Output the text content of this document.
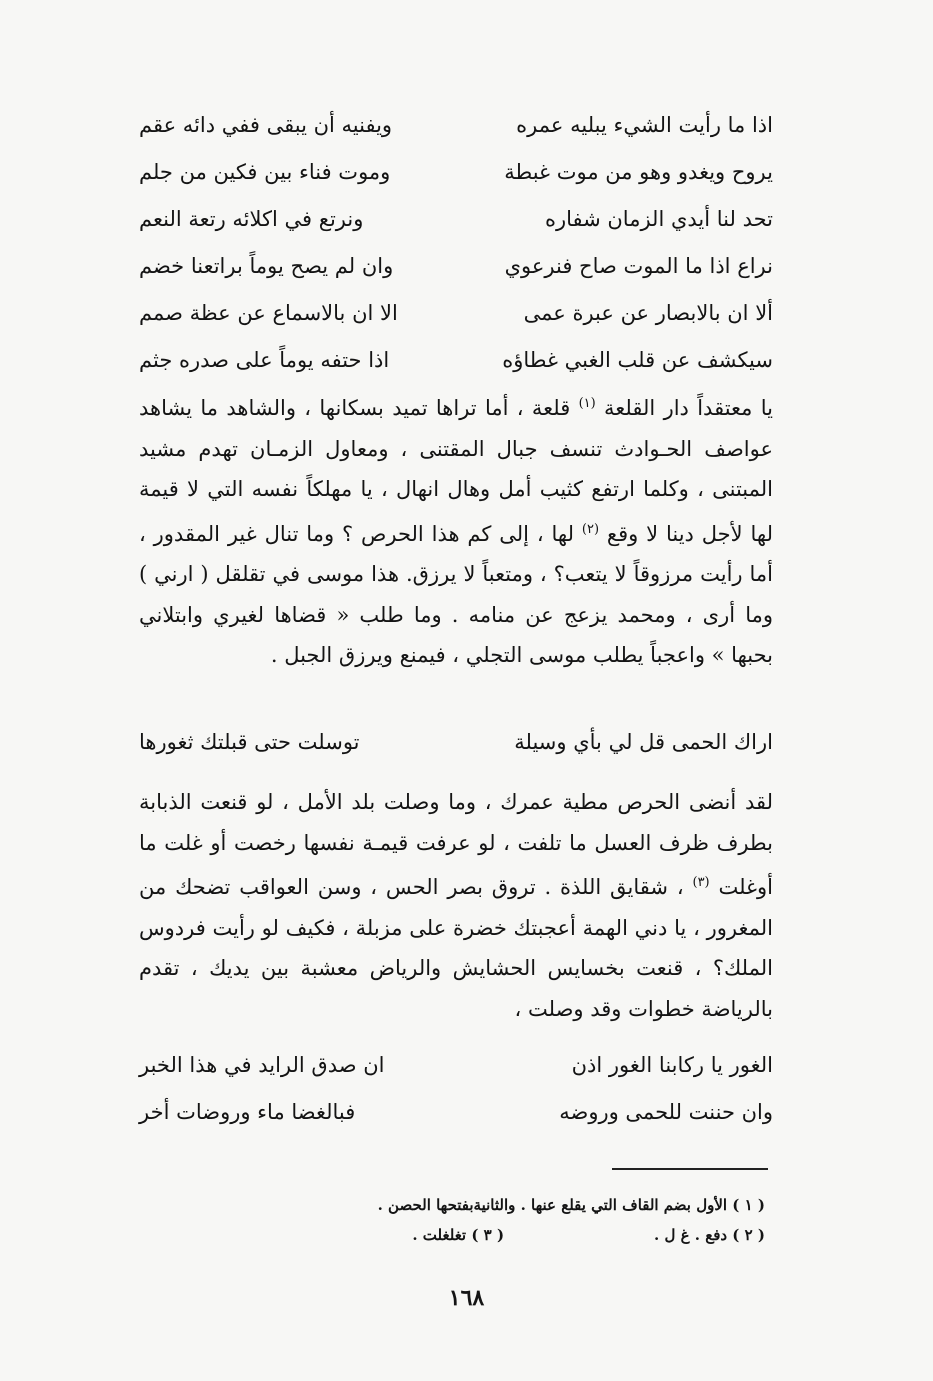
اذا ما رأيت الشيء يبليه عمره
ويفنيه أن يبقى ففي دائه عقم
يروح ويغدو وهو من موت غبطة
وموت فناء بين فكين من جلم
تحد لنا أيدي الزمان شفاره
ونرتع في اكلائه رتعة النعم
نراع اذا ما الموت صاح فنرعوي
وان لم يصح يوماً براتعنا خضم
ألا ان بالابصار عن عبرة عمى
الا ان بالاسماع عن عظة صمم
سيكشف عن قلب الغبي غطاؤه
اذا حتفه يوماً على صدره جثم

يا معتقداً دار القلعة $^{(١)}$ قلعة ، أما تراها تميد بسكانها ، والشاهد ما يشاهد عواصف الحـوادث تنسف جبال المقتنى ، ومعاول الزمـان تهدم مشيد المبتنى ، وكلما ارتفع كثيب أمل وهال انهال ، يا مهلكاً نفسه التي لا قيمة لها لأجل دينا لا وقع $^{(٢)}$ لها ، إلى كم هذا الحرص ؟ وما تنال غير المقدور ، أما رأيت مرزوقاً لا يتعب؟ ، ومتعباً لا يرزق. هذا موسى في تقلقل ( ارني ) وما أرى ، ومحمد يزعج عن منامه . وما طلب « قضاها لغيري وابتلاني بحبها » واعجباً يطلب موسى التجلي ، فيمنع ويرزق الجبل .

اراك الحمى قل لي بأي وسيلة
توسلت حتى قبلتك ثغورها

لقد أنضى الحرص مطية عمرك ، وما وصلت بلد الأمل ، لو قنعت الذبابة بطرف ظرف العسل ما تلفت ، لو عرفت قيمـة نفسها رخصت أو غلت ما أوغلت $^{(٣)}$ ، شقايق اللذة . تروق بصر الحس ، وسن العواقب تضحك من المغرور ، يا دني الهمة أعجبتك خضرة على مزبلة ، فكيف لو رأيت فردوس الملك؟ ، قنعت بخسايس الحشايش والرياض معشبة بين يديك ، تقدم بالرياضة خطوات وقد وصلت ،

الغور يا ركابنا الغور اذن
ان صدق الرايد في هذا الخبر
وان حننت للحمى وروضه
فبالغضا ماء وروضات أخر
( ١ ) الأول بضم القاف التي يقلع عنها . والثانيةبفتحها الحصن .
( ٢ ) دفع . غ ل .( ٣ ) تغلغلت .
١٦٨
